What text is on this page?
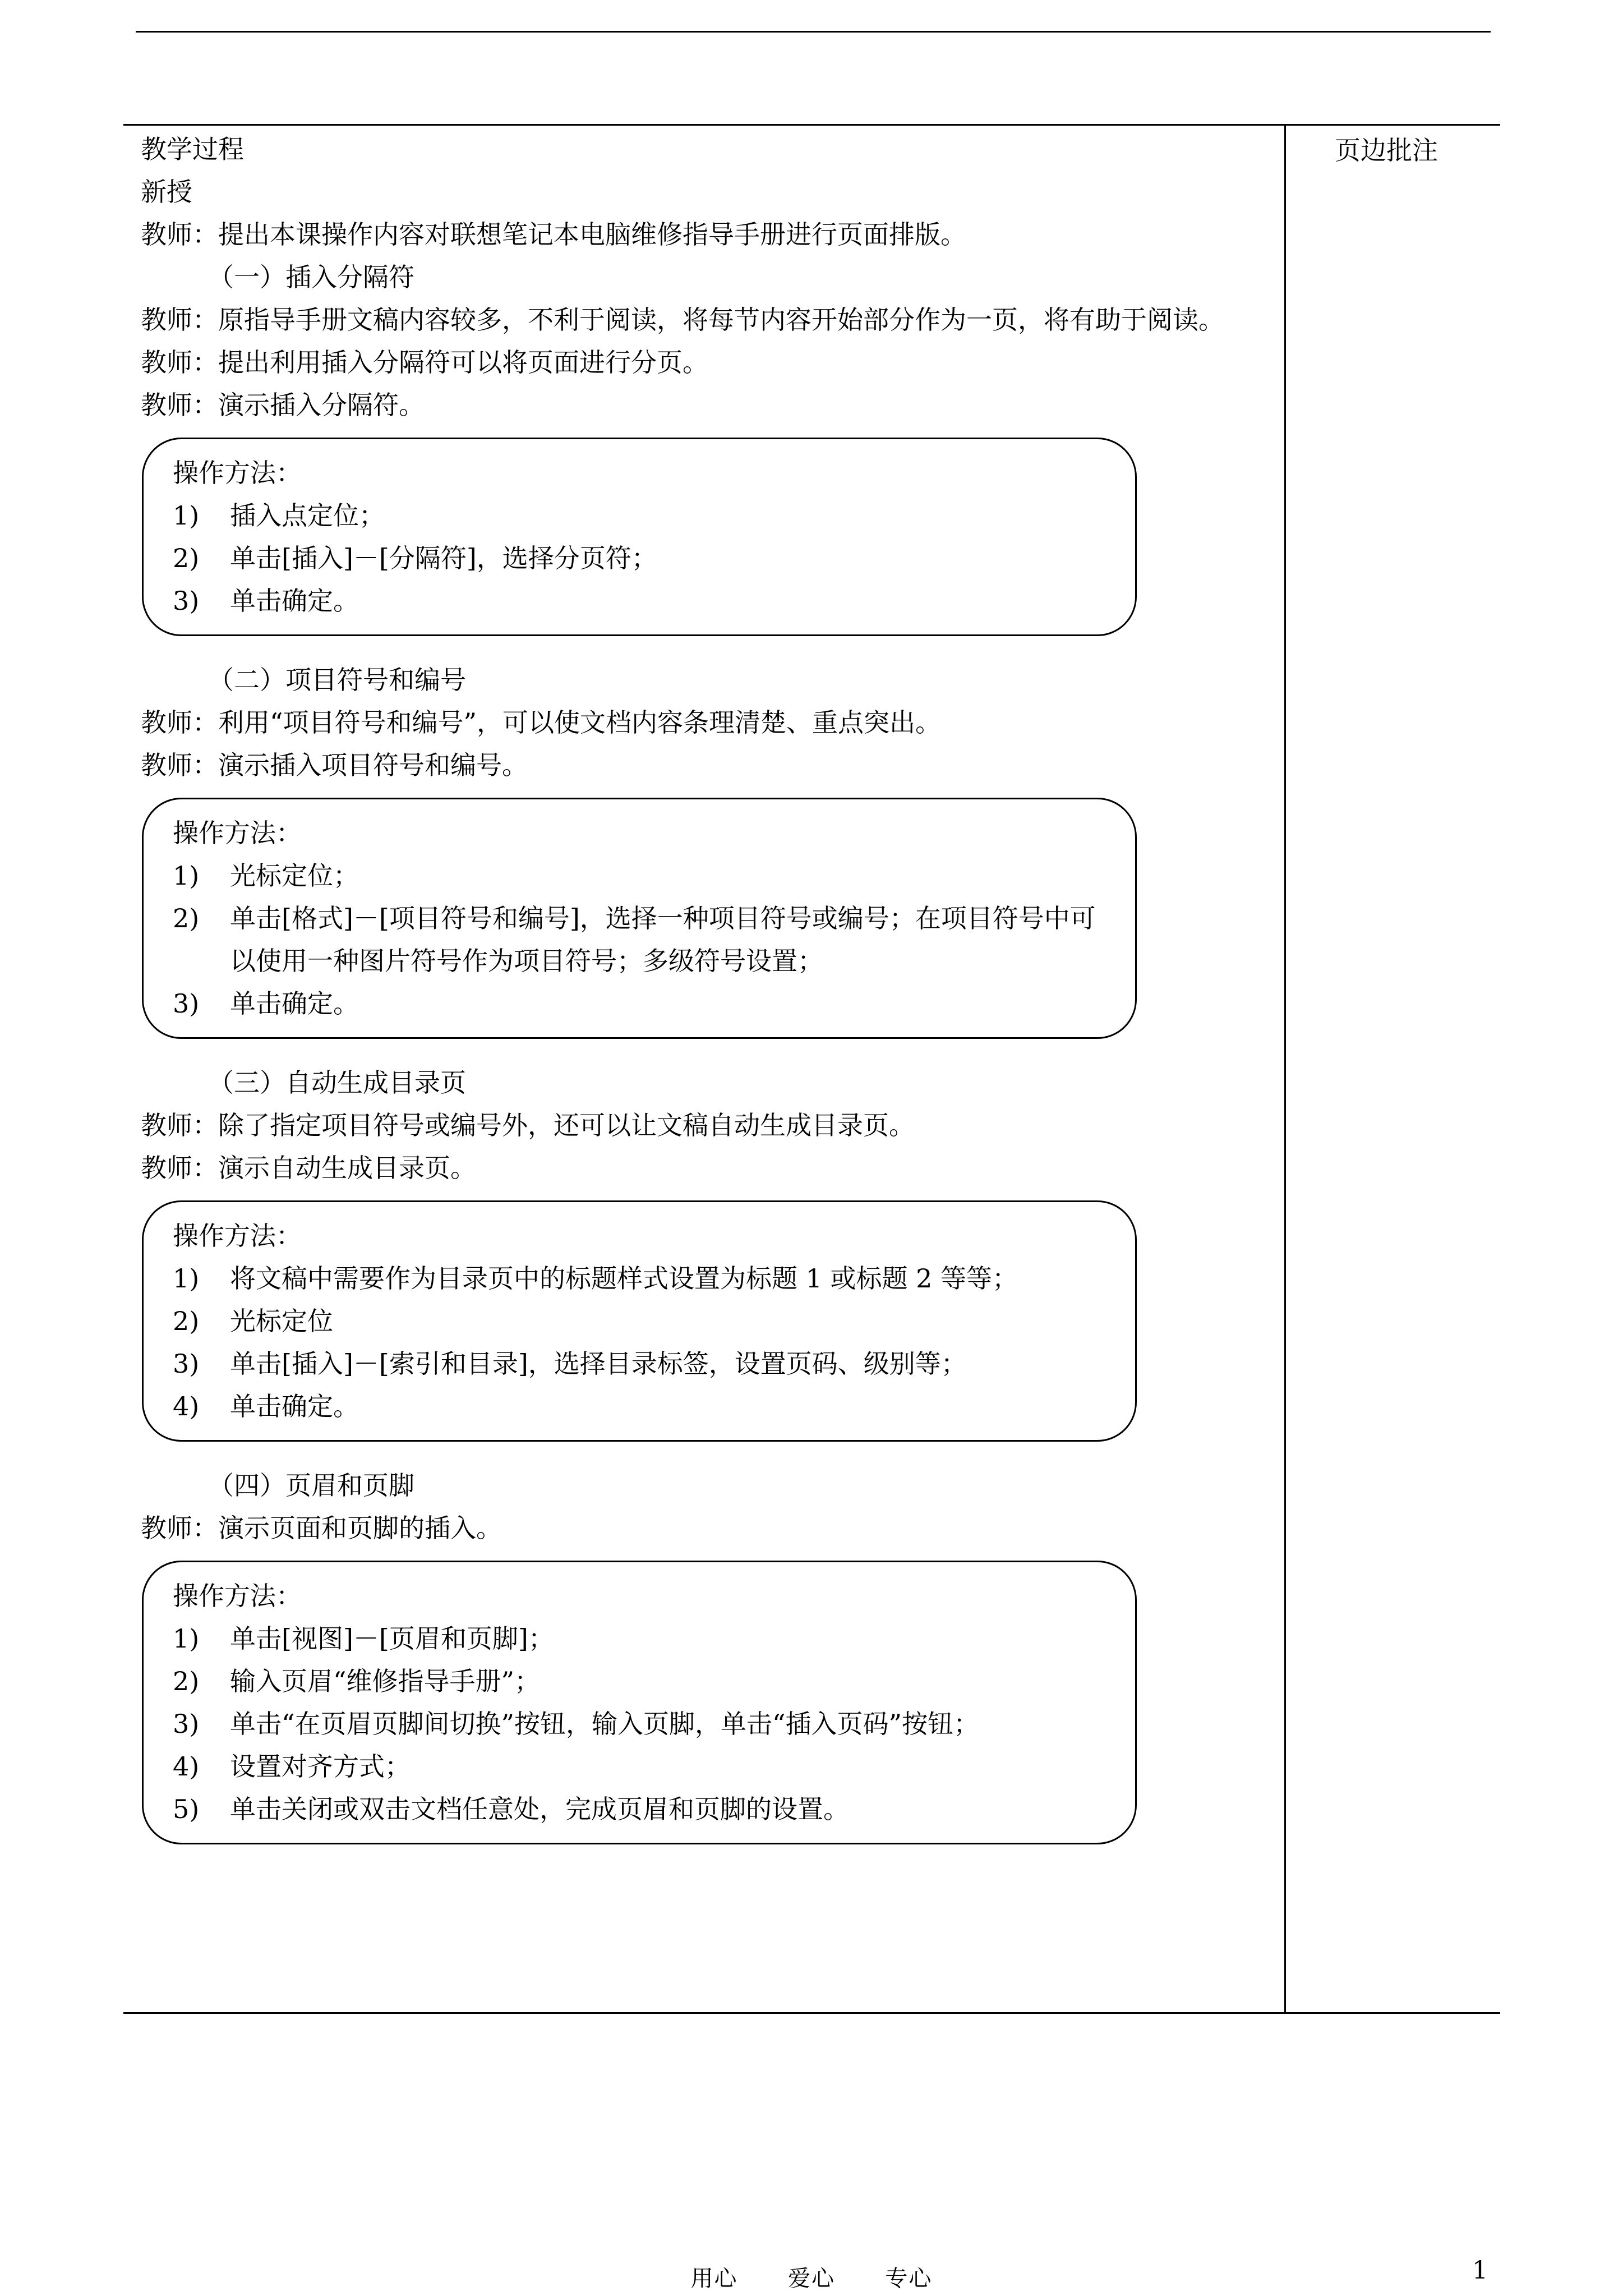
页边批注
教学过程
新授
教师：提出本课操作内容对联想笔记本电脑维修指导手册进行页面排版。
（一）插入分隔符
教师：原指导手册文稿内容较多，不利于阅读，将每节内容开始部分作为一页，将有助于阅读。
教师：提出利用插入分隔符可以将页面进行分页。
教师：演示插入分隔符。
操作方法：
1)	插入点定位；
2)	单击[插入]－[分隔符]，选择分页符；
3)	单击确定。
（二）项目符号和编号
教师：利用“项目符号和编号”，可以使文档内容条理清楚、重点突出。
教师：演示插入项目符号和编号。
操作方法：
1)	光标定位；
2)	单击[格式]－[项目符号和编号]，选择一种项目符号或编号；在项目符号中可以使用一种图片符号作为项目符号；多级符号设置；
3)	单击确定。
（三）自动生成目录页
教师：除了指定项目符号或编号外，还可以让文稿自动生成目录页。
教师：演示自动生成目录页。
操作方法：
1)	将文稿中需要作为目录页中的标题样式设置为标题 1 或标题 2 等等；
2)	光标定位
3)	单击[插入]－[索引和目录]，选择目录标签，设置页码、级别等；
4)	单击确定。
（四）页眉和页脚
教师：演示页面和页脚的插入。
操作方法：
1)	单击[视图]－[页眉和页脚]；
2)	输入页眉“维修指导手册”；
3)	单击“在页眉页脚间切换”按钮，输入页脚，单击“插入页码”按钮；
4)	设置对齐方式；
5)	单击关闭或双击文档任意处，完成页眉和页脚的设置。
用心  爱心  专心	1
